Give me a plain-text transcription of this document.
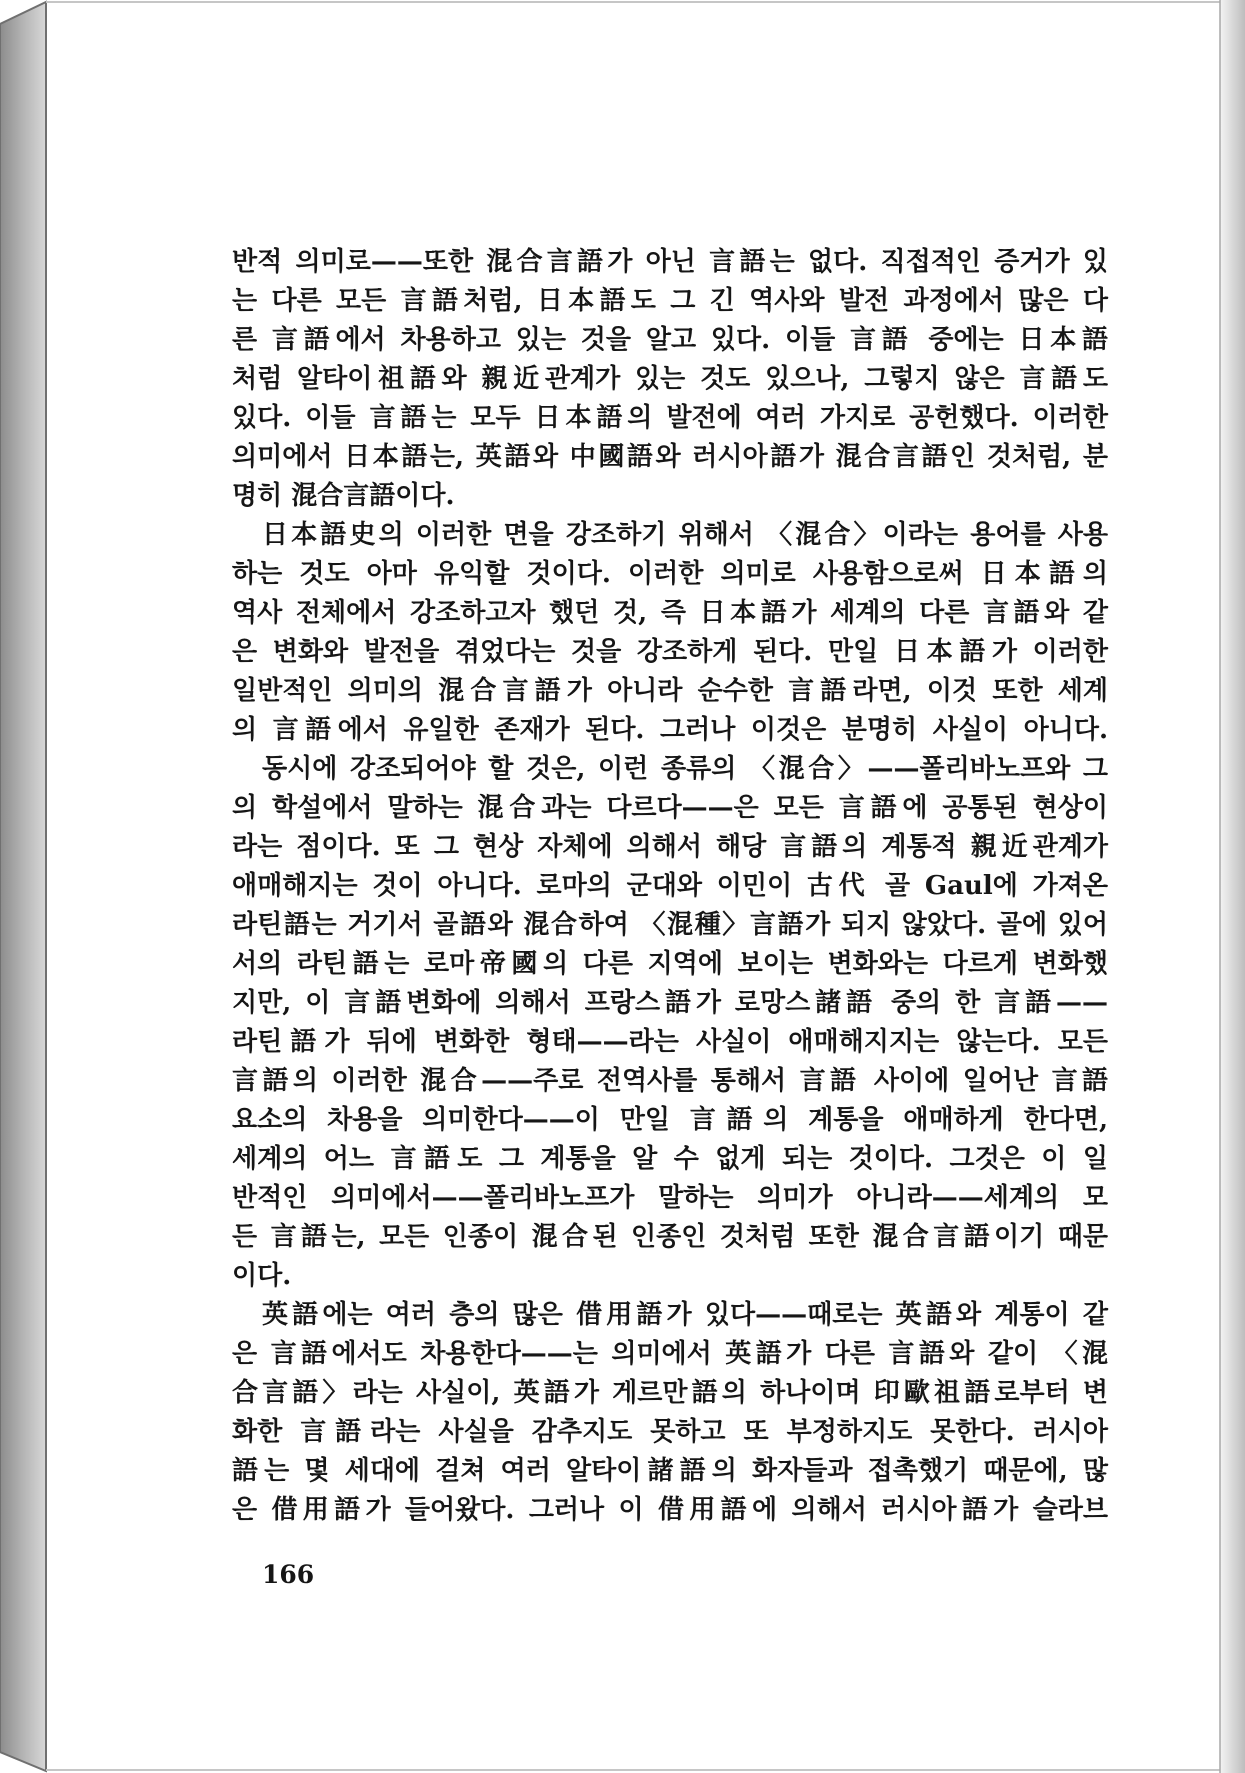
반적 의미로——또한 混合言語가 아닌 言語는 없다. 직접적인 증거가 있
는 다른 모든 言語처럼, 日本語도 그 긴 역사와 발전 과정에서 많은 다
른 言語에서 차용하고 있는 것을 알고 있다. 이들 言語 중에는 日本語
처럼 알타이祖語와 親近관계가 있는 것도 있으나, 그렇지 않은 言語도
있다. 이들 言語는 모두 日本語의 발전에 여러 가지로 공헌했다. 이러한
의미에서 日本語는, 英語와 中國語와 러시아語가 混合言語인 것처럼, 분
명히 混合言語이다.
日本語史의 이러한 면을 강조하기 위해서 〈混合〉이라는 용어를 사용
하는 것도 아마 유익할 것이다. 이러한 의미로 사용함으로써 日本語의
역사 전체에서 강조하고자 했던 것, 즉 日本語가 세계의 다른 言語와 같
은 변화와 발전을 겪었다는 것을 강조하게 된다. 만일 日本語가 이러한
일반적인 의미의 混合言語가 아니라 순수한 言語라면, 이것 또한 세계
의 言語에서 유일한 존재가 된다. 그러나 이것은 분명히 사실이 아니다.
동시에 강조되어야 할 것은, 이런 종류의 〈混合〉——폴리바노프와 그
의 학설에서 말하는 混合과는 다르다——은 모든 言語에 공통된 현상이
라는 점이다. 또 그 현상 자체에 의해서 해당 言語의 계통적 親近관계가
애매해지는 것이 아니다. 로마의 군대와 이민이 古代 골 Gaul에 가져온
라틴語는 거기서 골語와 混合하여 〈混種〉言語가 되지 않았다. 골에 있어
서의 라틴語는 로마帝國의 다른 지역에 보이는 변화와는 다르게 변화했
지만, 이 言語변화에 의해서 프랑스語가 로망스諸語 중의 한 言語——
라틴語가 뒤에 변화한 형태——라는 사실이 애매해지지는 않는다. 모든
言語의 이러한 混合——주로 전역사를 통해서 言語 사이에 일어난 言語
요소의 차용을 의미한다——이 만일 言語의 계통을 애매하게 한다면,
세계의 어느 言語도 그 계통을 알 수 없게 되는 것이다. 그것은 이 일
반적인 의미에서——폴리바노프가 말하는 의미가 아니라——세계의 모
든 言語는, 모든 인종이 混合된 인종인 것처럼 또한 混合言語이기 때문
이다.
英語에는 여러 층의 많은 借用語가 있다——때로는 英語와 계통이 같
은 言語에서도 차용한다——는 의미에서 英語가 다른 言語와 같이 〈混
合言語〉라는 사실이, 英語가 게르만語의 하나이며 印歐祖語로부터 변
화한 言語라는 사실을 감추지도 못하고 또 부정하지도 못한다. 러시아
語는 몇 세대에 걸쳐 여러 알타이諸語의 화자들과 접촉했기 때문에, 많
은 借用語가 들어왔다. 그러나 이 借用語에 의해서 러시아語가 슬라브
166
